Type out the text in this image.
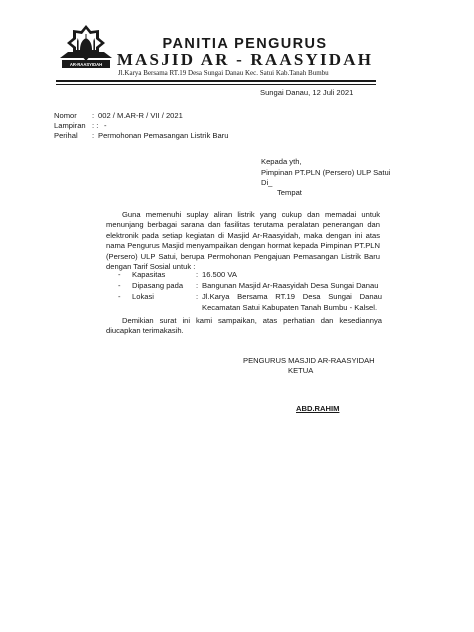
AR-RAASYIDAH
PANITIA PENGURUS
MASJID AR - RAASYIDAH
Jl.Karya Bersama RT.19 Desa Sungai Danau Kec. Satui Kab.Tanah Bumbu
Sungai Danau, 12 Juli 2021
Nomor : 002 / M.AR-R / VII / 2021
Lampiran : : -
Perihal : Permohonan Pemasangan Listrik Baru
Kepada yth,
Pimpinan PT.PLN (Persero) ULP Satui
Di_
Tempat
Guna memenuhi suplay aliran listrik yang cukup dan memadai untuk menunjang berbagai sarana dan fasilitas terutama peralatan penerangan dan elektronik pada setiap kegiatan di Masjid Ar-Raasyidah, maka dengan ini atas nama Pengurus Masjid menyampaikan dengan hormat kepada Pimpinan PT.PLN (Persero) ULP Satui, berupa Permohonan Pengajuan Pemasangan Listrik Baru dengan Tarif Sosial untuk :
- Kapasitas	: 16.500 VA
- Dipasang pada : Bangunan Masjid Ar-Raasyidah Desa Sungai Danau
- Lokasi	: Jl.Karya Bersama RT.19 Desa Sungai Danau Kecamatan Satui Kabupaten Tanah Bumbu - Kalsel.
Demikian surat ini kami sampaikan, atas perhatian dan kesediannya diucapkan terimakasih.
PENGURUS MASJID AR-RAASYIDAH
KETUA
ABD.RAHIM
